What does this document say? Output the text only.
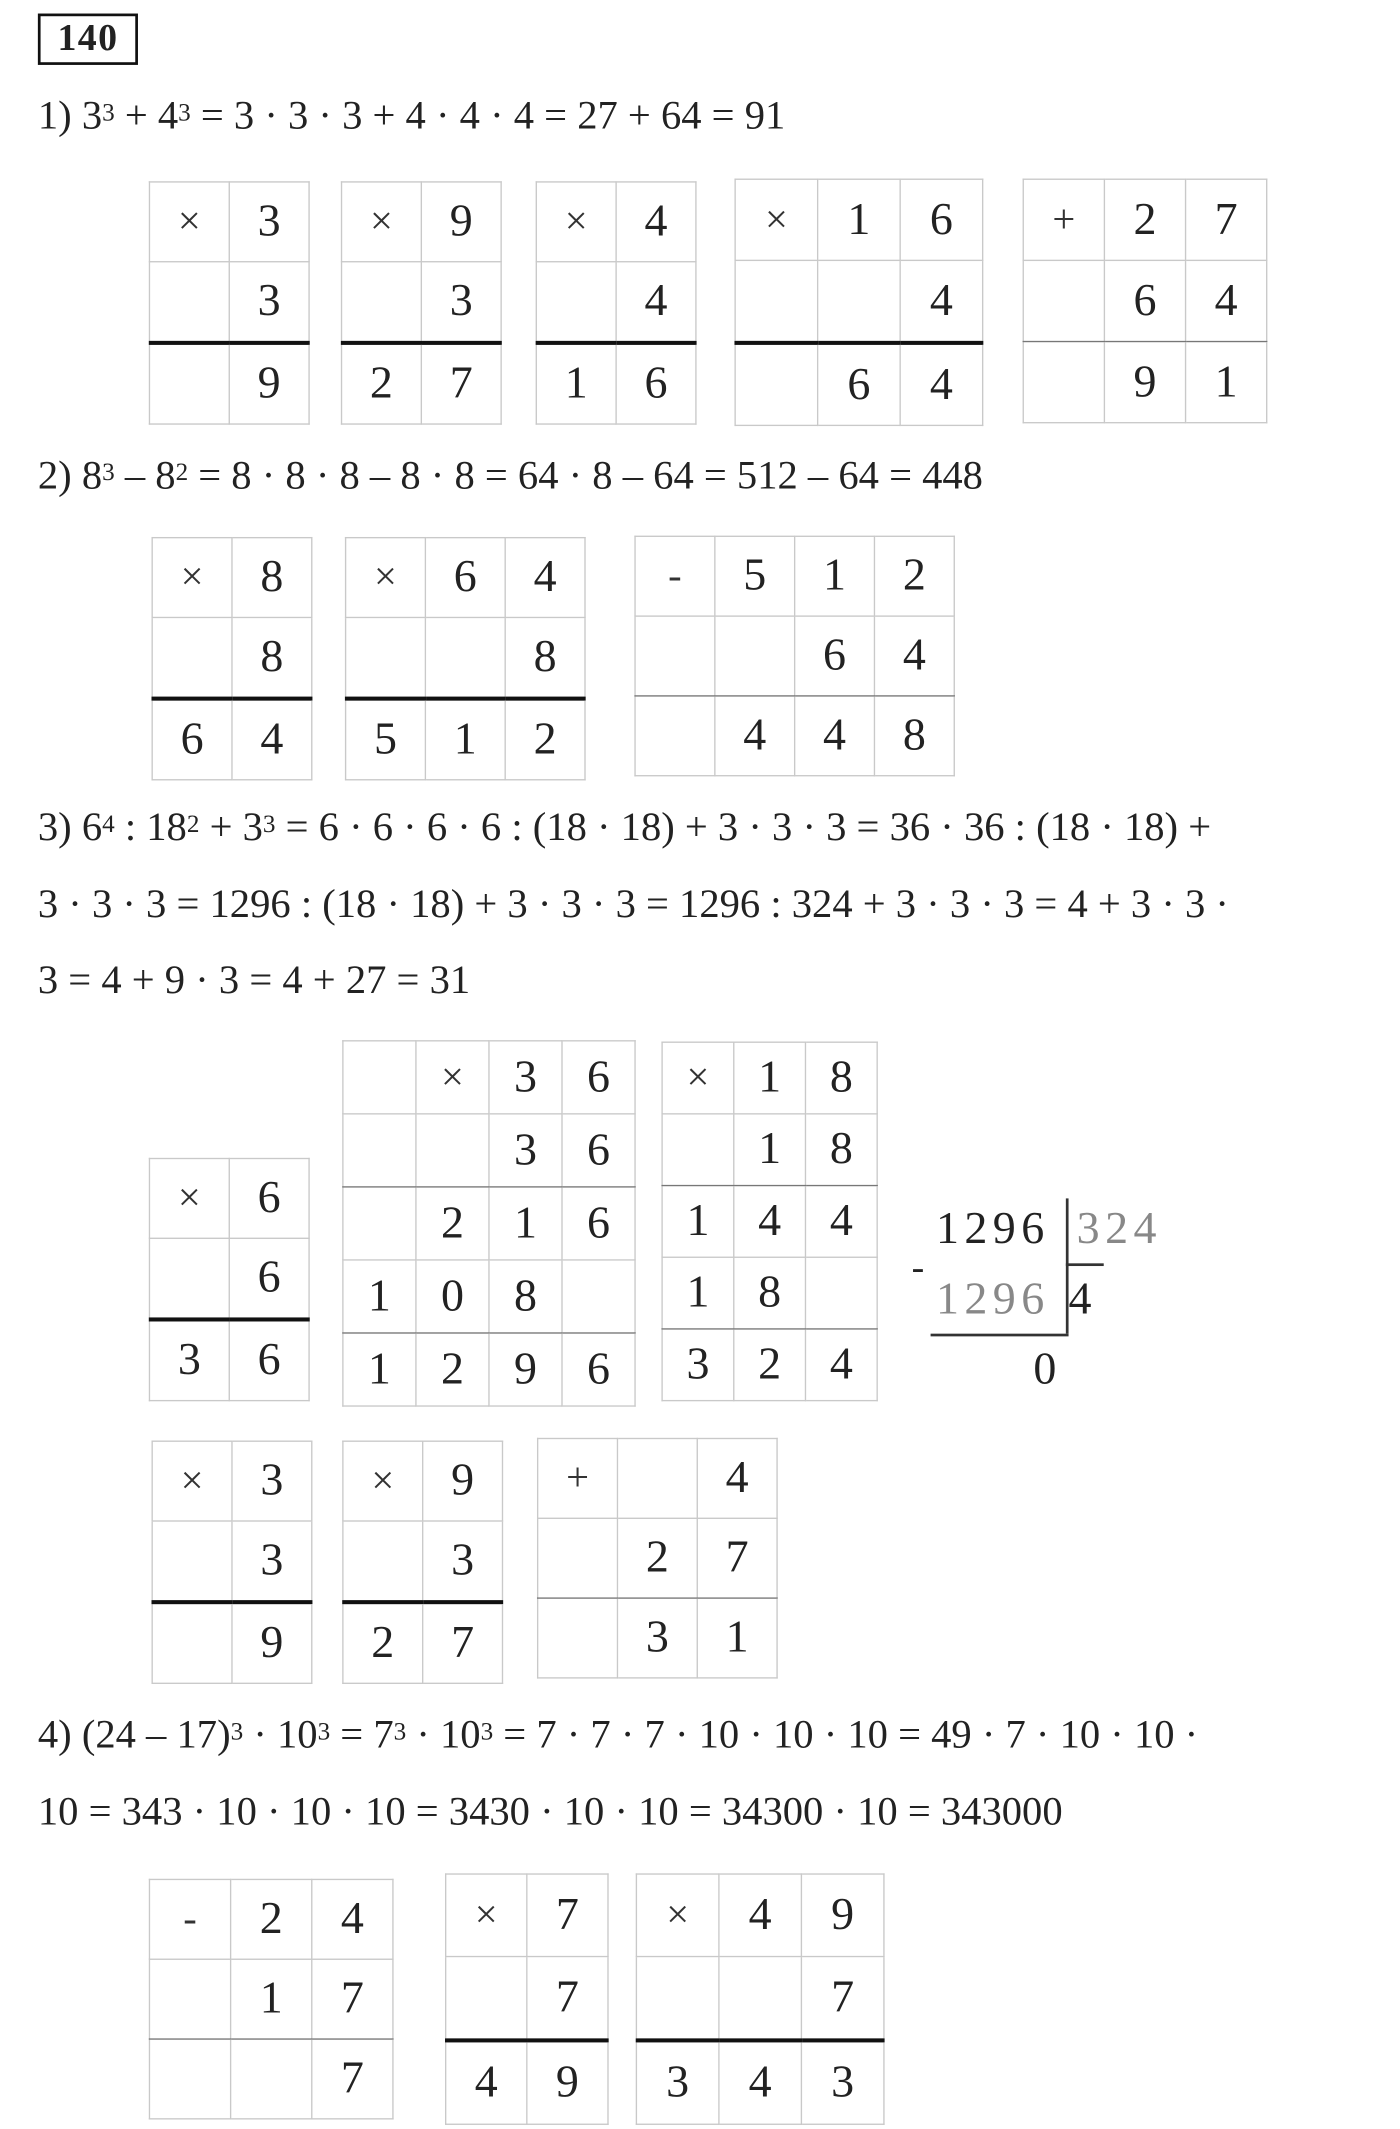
140
1) $3^3 + 4^3 = 3 \cdot 3 \cdot 3 + 4 \cdot 4 \cdot 4 = 27 + 64 = 91$
2) $8^3 - 8^2 = 8 \cdot 8 \cdot 8 - 8 \cdot 8 = 64 \cdot 8 - 64 = 512 - 64 = 448$
3) $6^4$ : $18^2 + 3^3 = 6 \cdot 6 \cdot 6 \cdot 6$ : (18 · 18) + 3 · 3 · 3 = 36 · 36 : (18 · 18) +
3 · 3 · 3 = 1296 : (18 · 18) + 3 · 3 · 3 = 1296 : 324 + 3 · 3 · 3 = 4 + 3 · 3 ·
3 = 4 + 9 · 3 = 4 + 27 = 31
4) $(24 - 17)^3 \cdot 10^3 = 7^3 \cdot 10^3 = 7 \cdot 7 \cdot 7 \cdot 10 \cdot 10 \cdot 10 = 49 \cdot 7 \cdot 10 \cdot 10$ ·
10 = 343 · 10 · 10 · 10 = 3430 · 10 · 10 = 34300 · 10 = 343000
×	3
	3
	9
×	9
	3
2	7
×	4
	4
1	6
×	1	6
		4
	6	4
+	2	7
	6	4
	9	1
×	8
	8
6	4
×	6	4
		8
5	1	2
-	5	1	2
		6	4
	4	4	8
×	6
	6
3	6
	×	3	6
		3	6
	2	1	6
1	0	8	
1	2	9	6
×	1	8
	1	8
1	4	4
1	8	
3	2	4
×	3
	3
	9
×	9
	3
2	7
+		4
	2	7
	3	1
-	2	4
	1	7
		7
×	7
	7
4	9
×	4	9
		7
3	4	3
1296 324
-
1296 4
0
